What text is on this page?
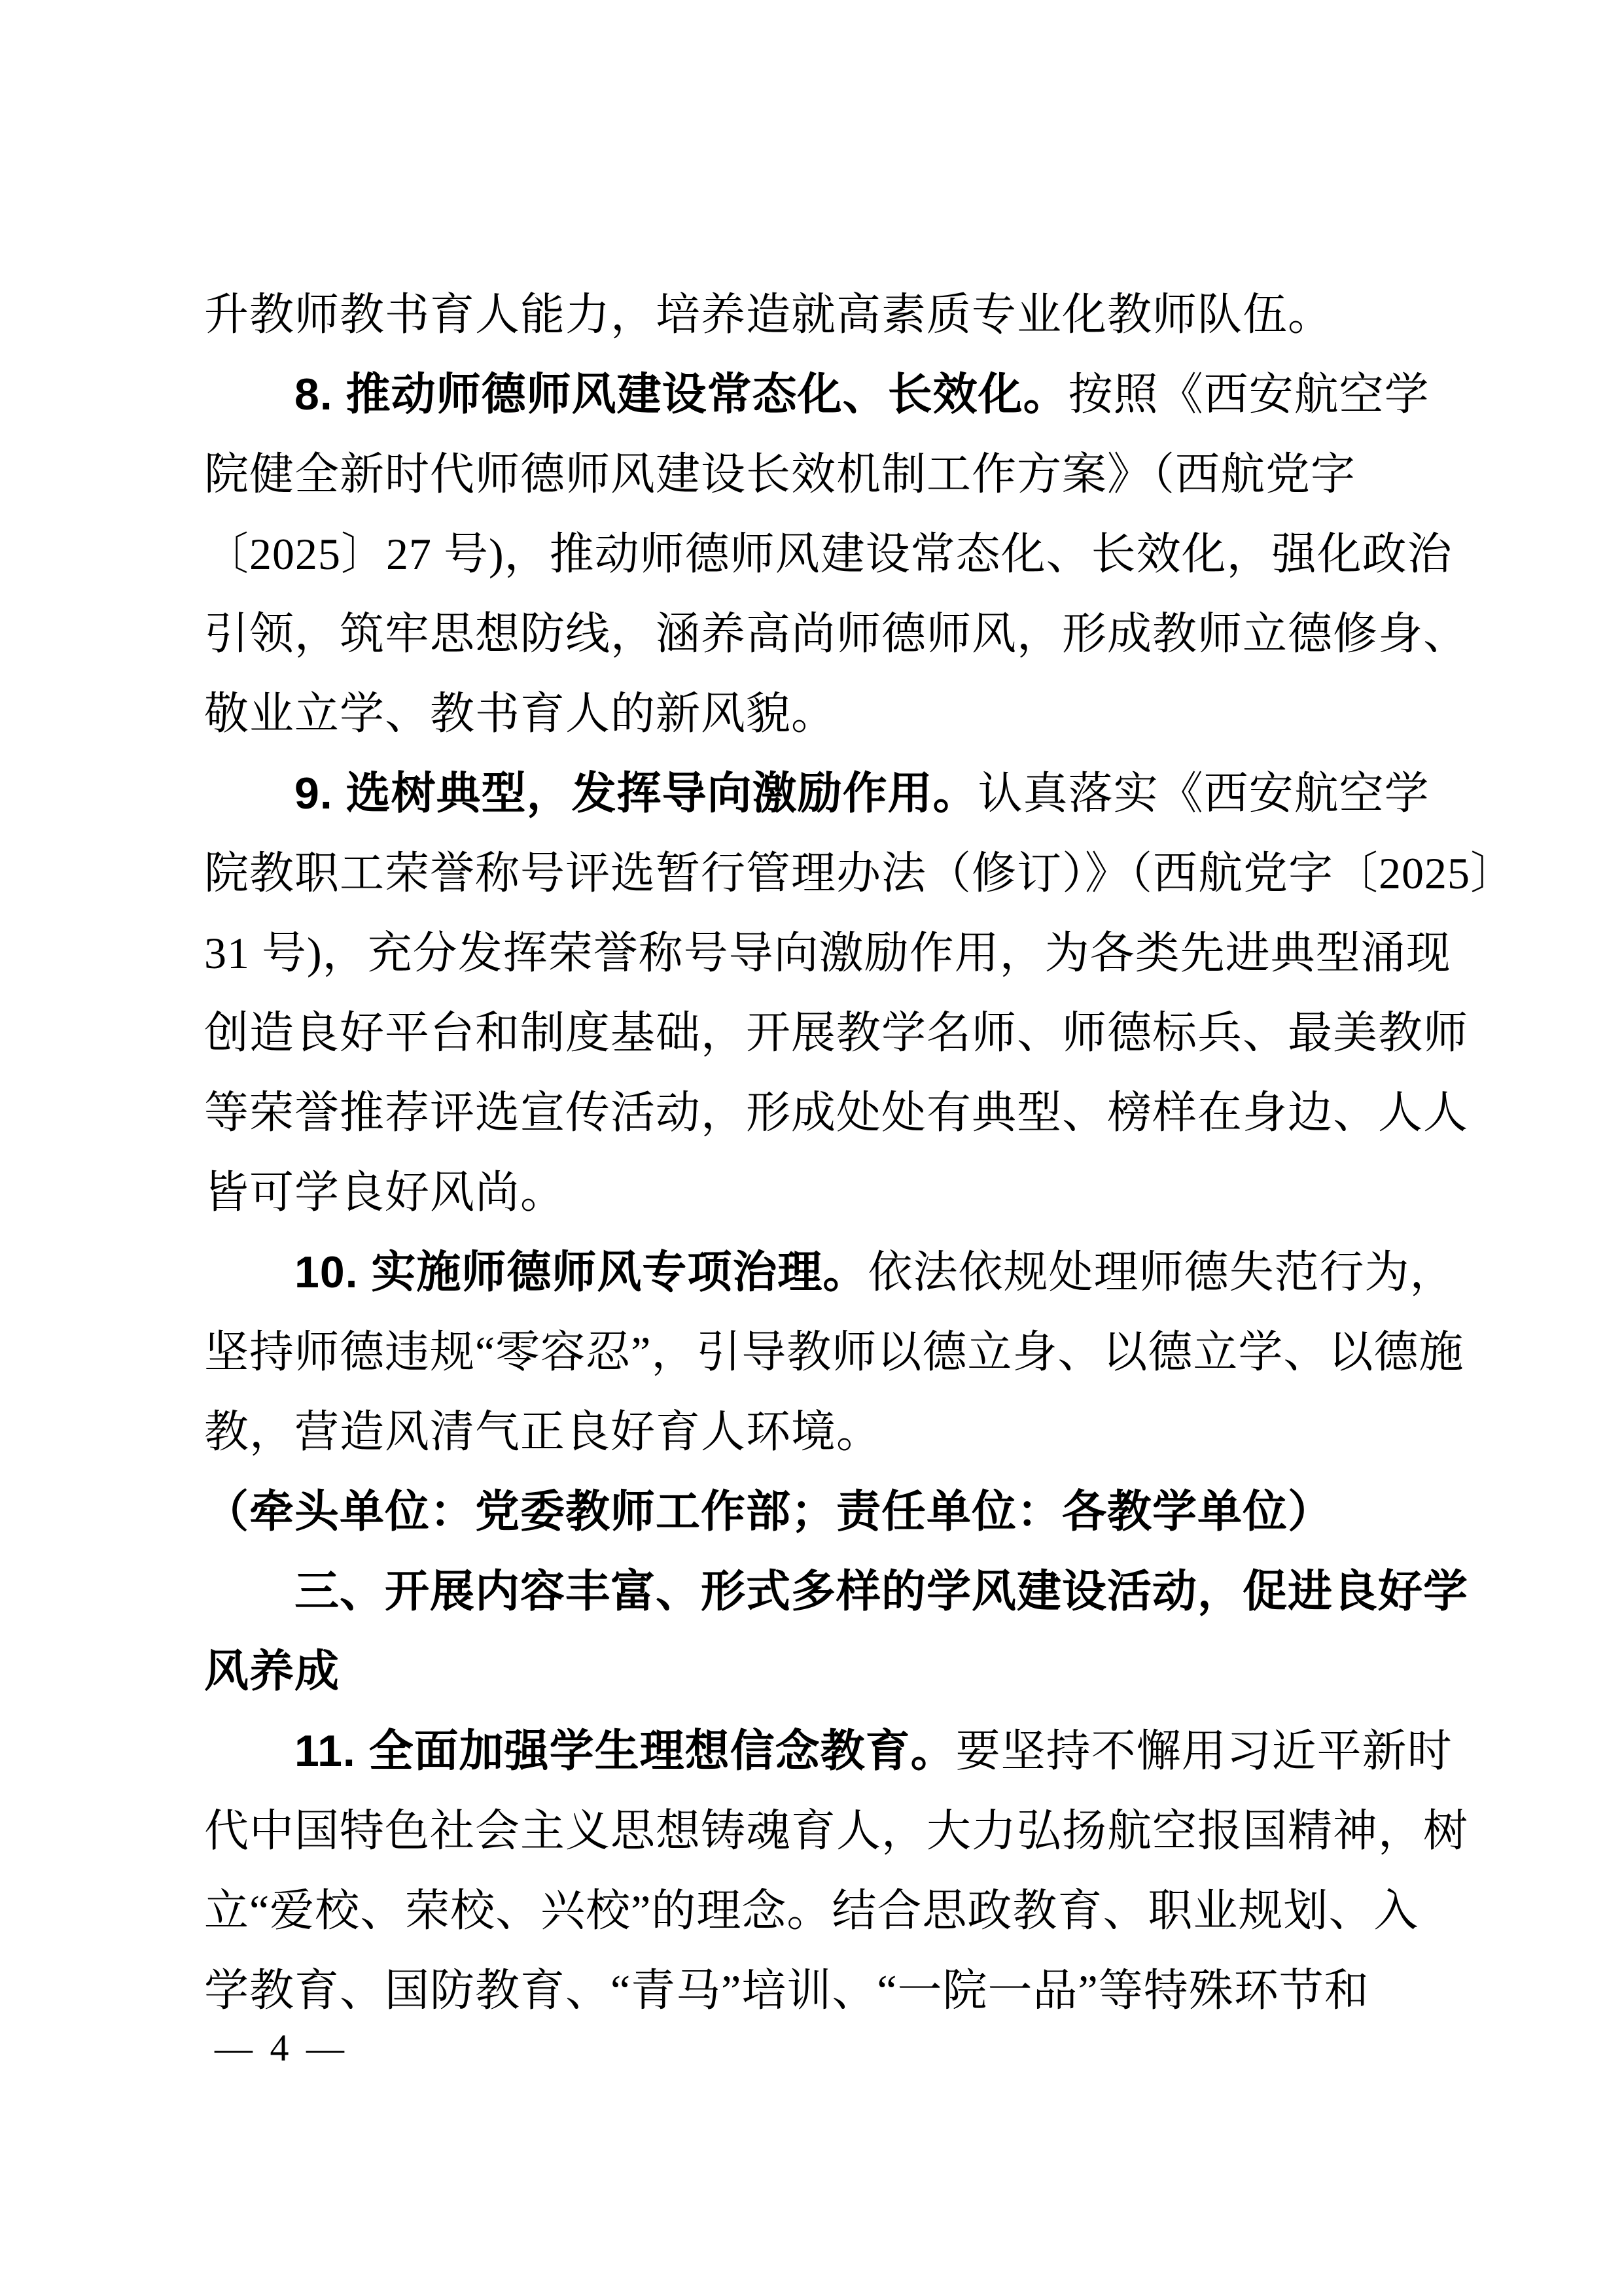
升教师教书育人能力，培养造就高素质专业化教师队伍。
8. 推动师德师风建设常态化、长效化。按照《西安航空学
院健全新时代师德师风建设长效机制工作方案》（西航党字
〔2025〕27 号)，推动师德师风建设常态化、长效化，强化政治
引领，筑牢思想防线，涵养高尚师德师风，形成教师立德修身、
敬业立学、教书育人的新风貌。
9. 选树典型，发挥导向激励作用。认真落实《西安航空学
院教职工荣誉称号评选暂行管理办法（修订）》（西航党字〔2025〕
31 号)，充分发挥荣誉称号导向激励作用，为各类先进典型涌现
创造良好平台和制度基础，开展教学名师、师德标兵、最美教师
等荣誉推荐评选宣传活动，形成处处有典型、榜样在身边、人人
皆可学良好风尚。
10. 实施师德师风专项治理。依法依规处理师德失范行为，
坚持师德违规“零容忍”，引导教师以德立身、以德立学、以德施
教，营造风清气正良好育人环境。
（牵头单位：党委教师工作部；责任单位：各教学单位）
三、开展内容丰富、形式多样的学风建设活动，促进良好学
风养成
11. 全面加强学生理想信念教育。要坚持不懈用习近平新时
代中国特色社会主义思想铸魂育人，大力弘扬航空报国精神，树
立“爱校、荣校、兴校”的理念。结合思政教育、职业规划、入
学教育、国防教育、“青马”培训、“一院一品”等特殊环节和
— 4 —
